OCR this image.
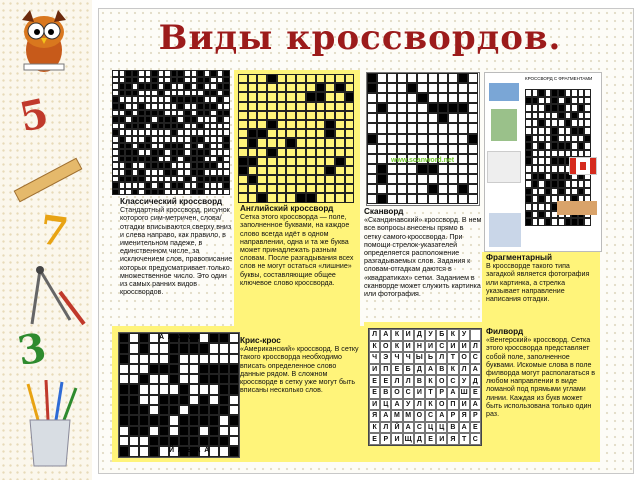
5
7
3
Виды кроссвордов.
Классический кроссворд
Стандартный кроссворд, рисунок которого сим-метричен, слова/отгадки вписываются сверху вниз и слева направо, как правило, в именительном падеже, в единственном числе, за исключением слов, правописание которых предусматривает только множественное число. Это один из самых ранних видов кроссвордов.
Английский кроссворд
Сетка этого кроссворда — поле, заполненное буквами, на каждое слово всегда идёт в одном направлении, одна и та же буква может принадлежать разным словам. После разгадывания всех слов не могут остаться «лишние» буквы, составляющие общее ключевое слово кроссворда.
www.scanword.net
Сканворд
«Скандинавский» кроссворд. В нем все вопросы внесены прямо в сетку самого кроссворда. При помощи стрелок-указателей определяется расположение разгадываемых слов. Задания к словам-отгадкам даются в «квадратиках» сетки. Заданием в сканворде может служить картинка или фотография.
КРОССВОРД С ФРАГМЕНТАМИ
Фрагментарный
В кроссворде такого типа загадкой является фотография или картинка, а стрелка указывает направление написания отгадки.
АЛАКИ
ЙЛЬКА
Крис-крос
«Американский» кроссворд. В сетку такого кроссворда необходимо вписать определенное слово данные рядом. В сложном кроссворде в сетку уже могут быть вписаны несколько слов.
Л А К И Д У Б К У
К О К И Н И С И И Л
Ч Э Ч Ч Ы Ь Л Т О С
И П Е Б Д А В К Л А
Е Е Л Л В К О С У Д
Е В О С И Т Р А Ш Е
И Ц А У Л К О П И А
Я А М М О С А Р Я Р
К Л Й А С Ц Ц В А Е
Е Р И Щ Д Е И Я Т С
Филворд
«Венгерский» кроссворд. Сетка этого кроссворда представляет собой поле, заполненное буквами. Искомые слова в поле филворда могут располагаться в любом направлении в виде ломаной под прямыми углами линии. Каждая из букв может быть использована только один раз.
